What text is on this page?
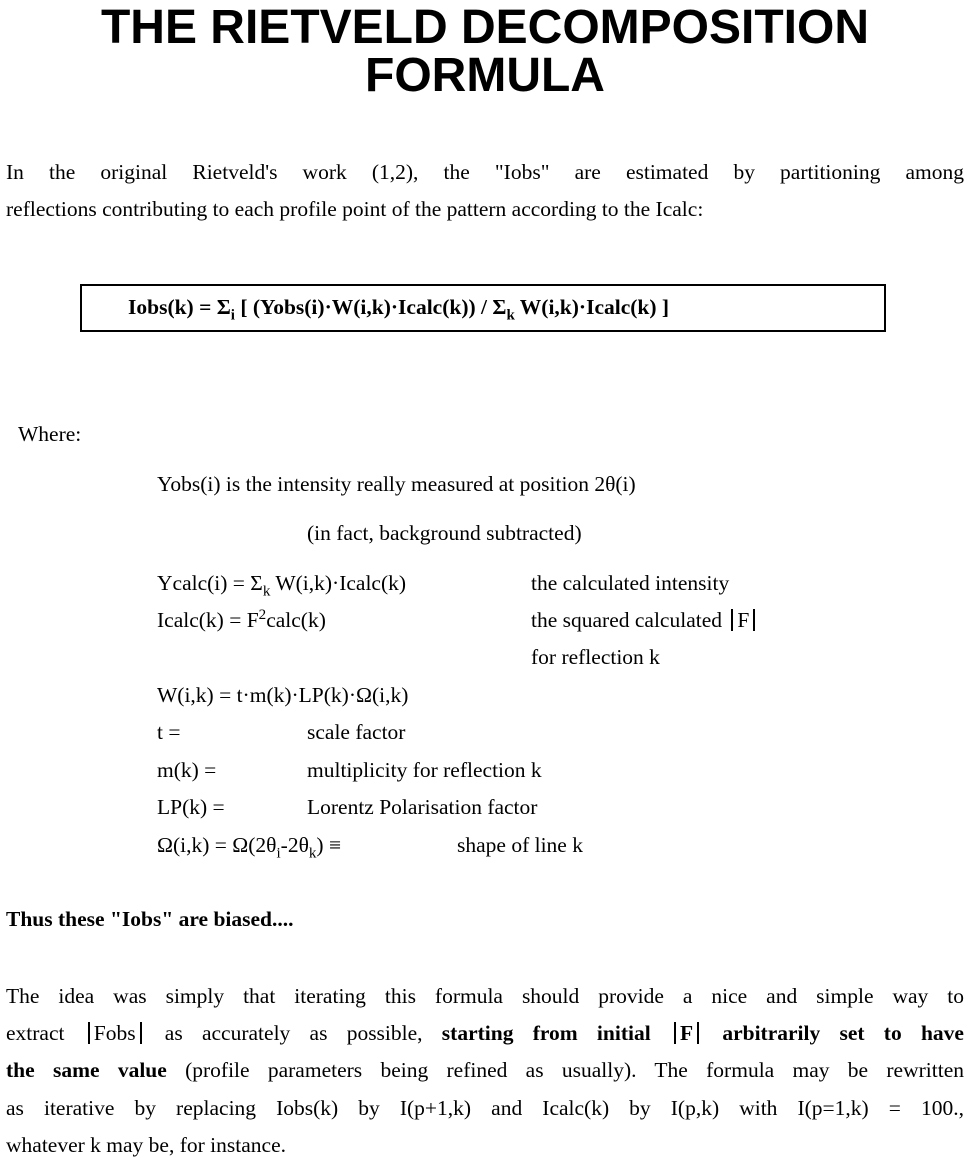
THE RIETVELD DECOMPOSITION
FORMULA
In the original Rietveld's work (1,2), the "Iobs" are estimated by partitioning among
reflections contributing to each profile point of the pattern according to the Icalc:
Iobs(k) = $\Sigma_i$ [ (Yobs(i)·W(i,k)·Icalc(k)) / $\Sigma_k$ W(i,k)·Icalc(k) ]
Where:
Yobs(i) is the intensity really measured at position 2θ(i)
(in fact, background subtracted)
Ycalc(i) = $\Sigma_k$ W(i,k)·Icalc(k)	the calculated intensity
Icalc(k) = $F^2calc(k)$	the squared calculated F
for reflection k
W(i,k) = t·m(k)·LP(k)·Ω(i,k)
t =	scale factor
m(k) =	multiplicity for reflection k
LP(k) =	Lorentz Polarisation factor
$\Omega(i,k) = \Omega(2\theta_i-2\theta_k)$ ≡	shape of line k
Thus these "Iobs" are biased....
The idea was simply that iterating this formula should provide a nice and simple way to
extract Fobs as accurately as possible, starting from initial F arbitrarily set to have
the same value (profile parameters being refined as usually). The formula may be rewritten
as iterative by replacing Iobs(k) by I(p+1,k) and Icalc(k) by I(p,k) with I(p=1,k) = 100.,
whatever k may be, for instance.
